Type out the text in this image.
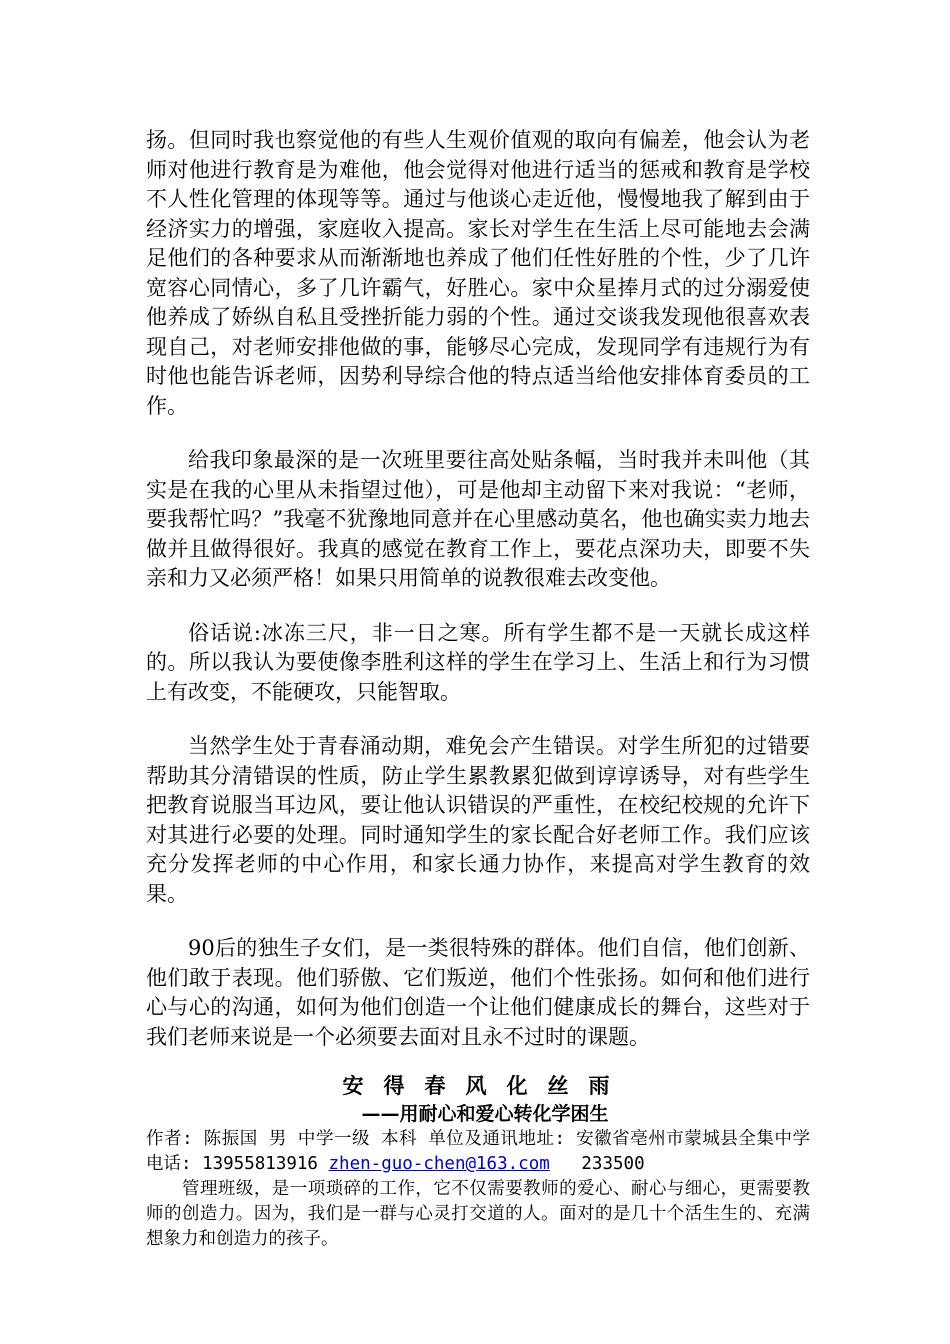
扬。但同时我也察觉他的有些人生观价值观的取向有偏差，他会认为老师对他进行教育是为难他，他会觉得对他进行适当的惩戒和教育是学校不人性化管理的体现等等。通过与他谈心走近他，慢慢地我了解到由于经济实力的增强，家庭收入提高。家长对学生在生活上尽可能地去会满足他们的各种要求从而渐渐地也养成了他们任性好胜的个性，少了几许宽容心同情心，多了几许霸气，好胜心。家中众星捧月式的过分溺爱使他养成了娇纵自私且受挫折能力弱的个性。通过交谈我发现他很喜欢表现自己，对老师安排他做的事，能够尽心完成，发现同学有违规行为有时他也能告诉老师，因势利导综合他的特点适当给他安排体育委员的工作。

给我印象最深的是一次班里要往高处贴条幅，当时我并未叫他（其实是在我的心里从未指望过他），可是他却主动留下来对我说：“老师，要我帮忙吗？”我毫不犹豫地同意并在心里感动莫名，他也确实卖力地去做并且做得很好。我真的感觉在教育工作上，要花点深功夫，即要不失亲和力又必须严格！如果只用简单的说教很难去改变他。

俗话说:冰冻三尺，非一日之寒。所有学生都不是一天就长成这样的。所以我认为要使像李胜利这样的学生在学习上、生活上和行为习惯上有改变，不能硬攻，只能智取。

当然学生处于青春涌动期，难免会产生错误。对学生所犯的过错要帮助其分清错误的性质，防止学生累教累犯做到谆谆诱导，对有些学生把教育说服当耳边风，要让他认识错误的严重性，在校纪校规的允许下对其进行必要的处理。同时通知学生的家长配合好老师工作。我们应该充分发挥老师的中心作用，和家长通力协作，来提高对学生教育的效果。

90后的独生子女们，是一类很特殊的群体。他们自信，他们创新、他们敢于表现。他们骄傲、它们叛逆，他们个性张扬。如何和他们进行心与心的沟通，如何为他们创造一个让他们健康成长的舞台，这些对于我们老师来说是一个必须要去面对且永不过时的课题。

安得春风化丝雨
——用耐心和爱心转化学困生
作者: 陈振国 男 中学一级 本科 单位及通讯地址: 安徽省亳州市蒙城县全集中学 电话: 13955813916 zhen-guo-chen@163.com 233500

管理班级，是一项琐碎的工作，它不仅需要教师的爱心、耐心与细心，更需要教师的创造力。因为，我们是一群与心灵打交道的人。面对的是几十个活生生的、充满想象力和创造力的孩子。
